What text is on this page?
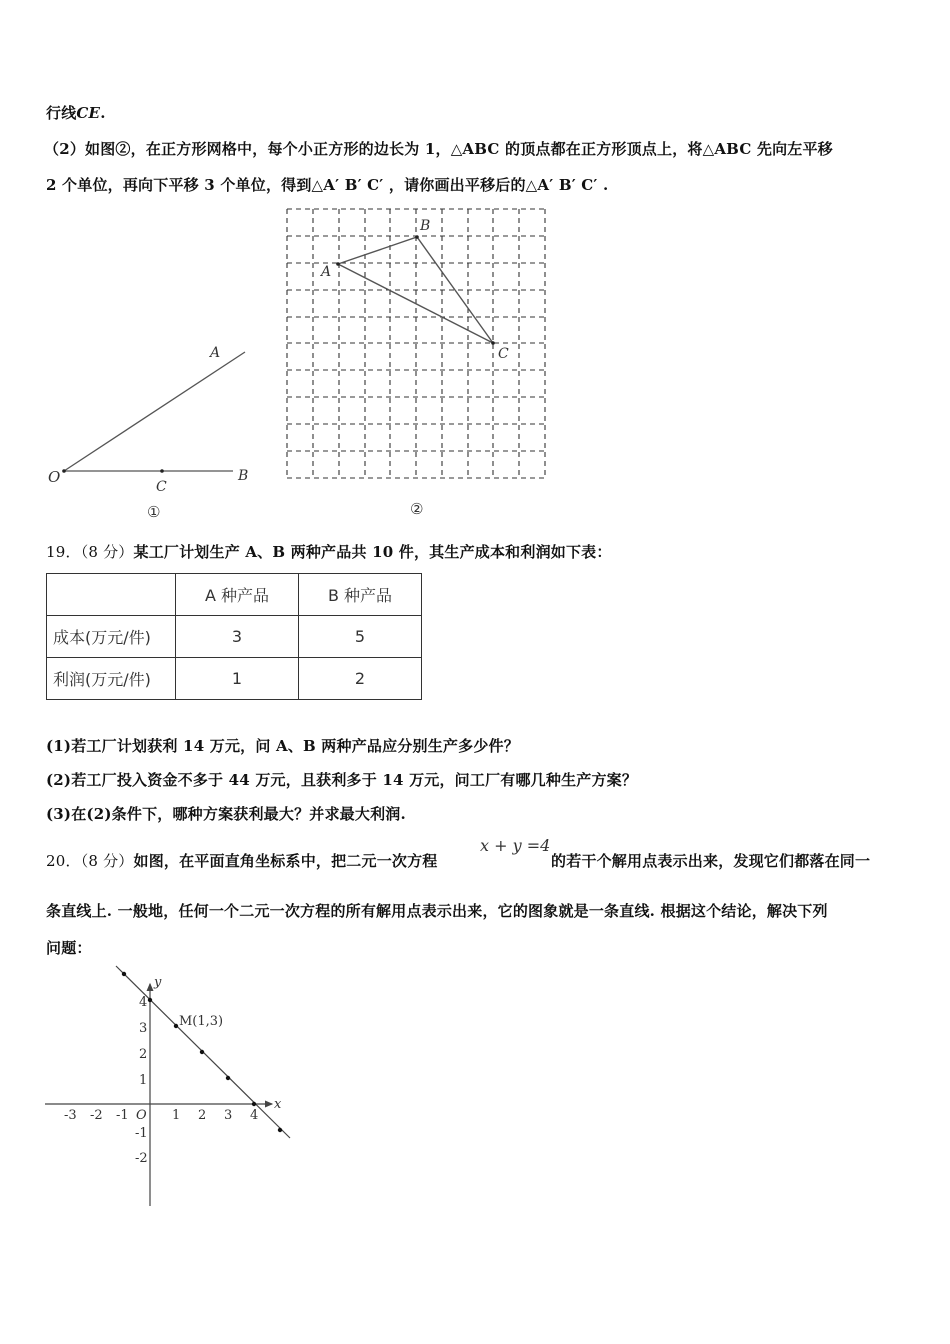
行线CE.
（2）如图②，在正方形网格中，每个小正方形的边长为 1，△ABC 的顶点都在正方形顶点上，将△ABC 先向左平移
2 个单位，再向下平移 3 个单位，得到△A′ B′ C′ ，请你画出平移后的△A′ B′ C′ .
O
A
B
C
①
A
B
C
②
19．（8 分）某工厂计划生产 A、B 两种产品共 10 件，其生产成本和利润如下表：
	A 种产品	B 种产品
成本(万元/件)	3	5
利润(万元/件)	1	2
(1)若工厂计划获利 14 万元，问 A、B 两种产品应分别生产多少件？
(2)若工厂投入资金不多于 44 万元，且获利多于 14 万元，问工厂有哪几种生产方案？
(3)在(2)条件下，哪种方案获利最大？并求最大利润.
20．（8 分）如图，在平面直角坐标系中，把二元一次方程
x + y =4
的若干个解用点表示出来，发现它们都落在同一
条直线上. 一般地，任何一个二元一次方程的所有解用点表示出来，它的图象就是一条直线. 根据这个结论，解决下列
问题：
x
y
O
-3 -2 -1	1 2 3 4
4
3
2
1
-1
-2
M(1,3)
